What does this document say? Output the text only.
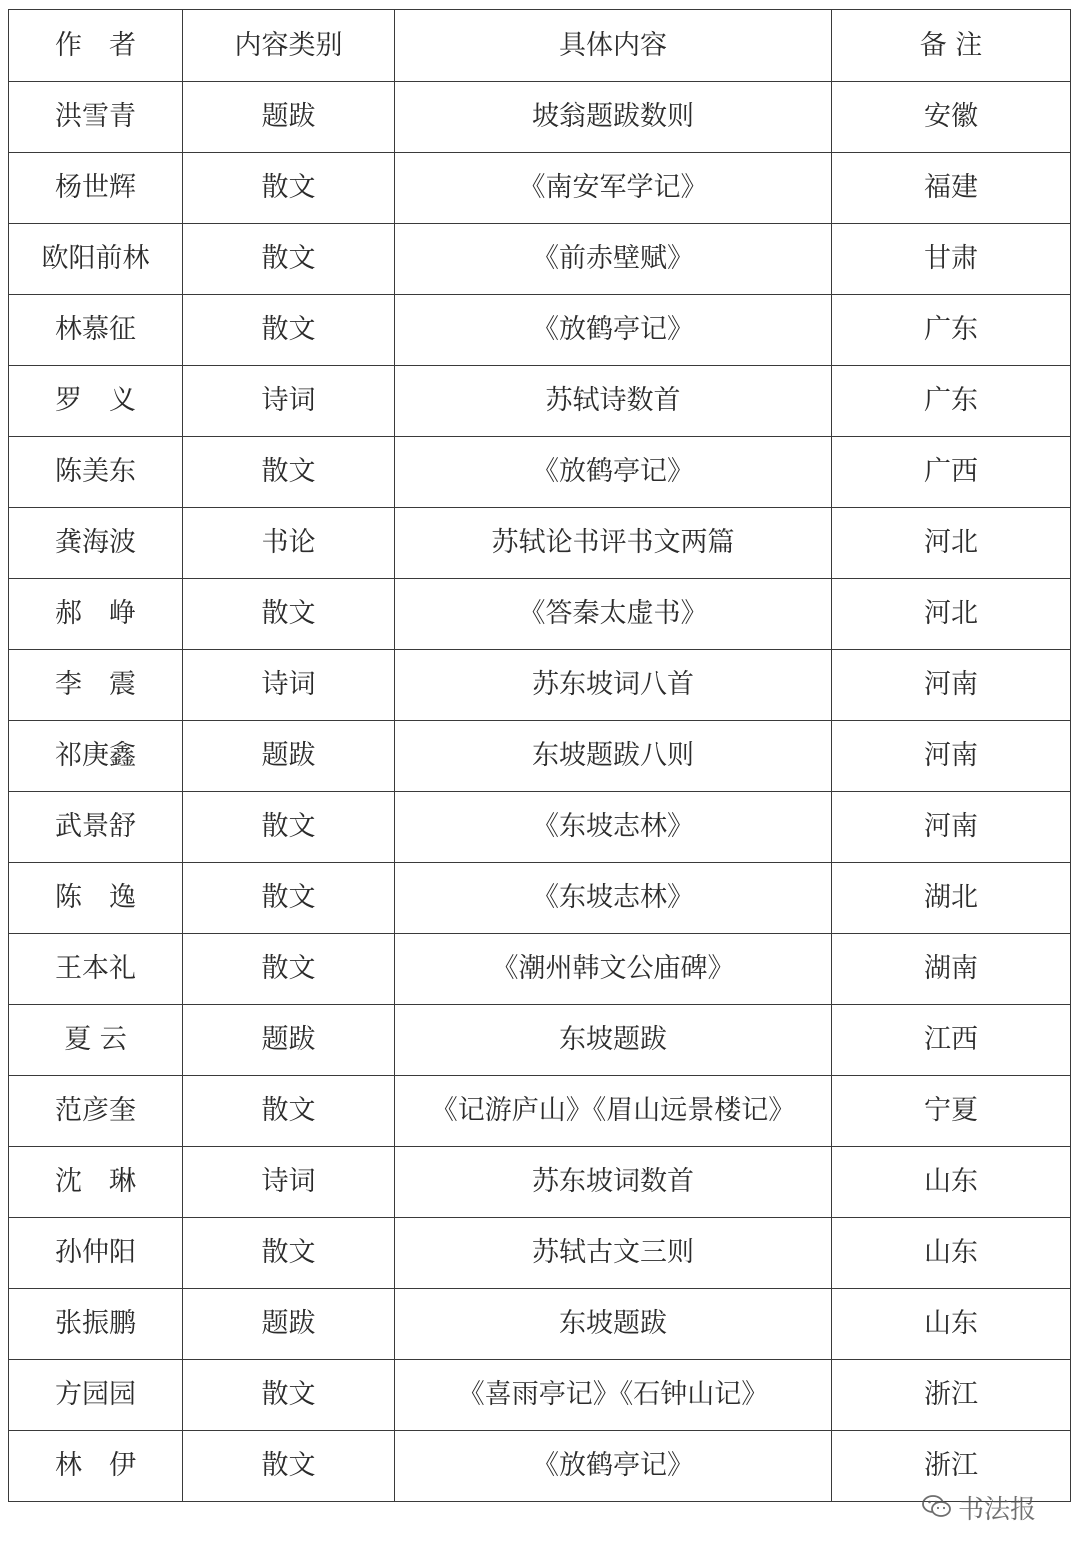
作　者	内容类别	具体内容	备 注
洪雪青	题跋	坡翁题跋数则	安徽
杨世辉	散文	《南安军学记》	福建
欧阳前林	散文	《前赤壁赋》	甘肃
林慕征	散文	《放鹤亭记》	广东
罗　义	诗词	苏轼诗数首	广东
陈美东	散文	《放鹤亭记》	广西
龚海波	书论	苏轼论书评书文两篇	河北
郝　峥	散文	《答秦太虚书》	河北
李　震	诗词	苏东坡词八首	河南
祁庚鑫	题跋	东坡题跋八则	河南
武景舒	散文	《东坡志林》	河南
陈　逸	散文	《东坡志林》	湖北
王本礼	散文	《潮州韩文公庙碑》	湖南
夏 云	题跋	东坡题跋	江西
范彦奎	散文	《记游庐山》《眉山远景楼记》	宁夏
沈　琳	诗词	苏东坡词数首	山东
孙仲阳	散文	苏轼古文三则	山东
张振鹏	题跋	东坡题跋	山东
方园园	散文	《喜雨亭记》《石钟山记》	浙江
林　伊	散文	《放鹤亭记》	浙江
书法报
